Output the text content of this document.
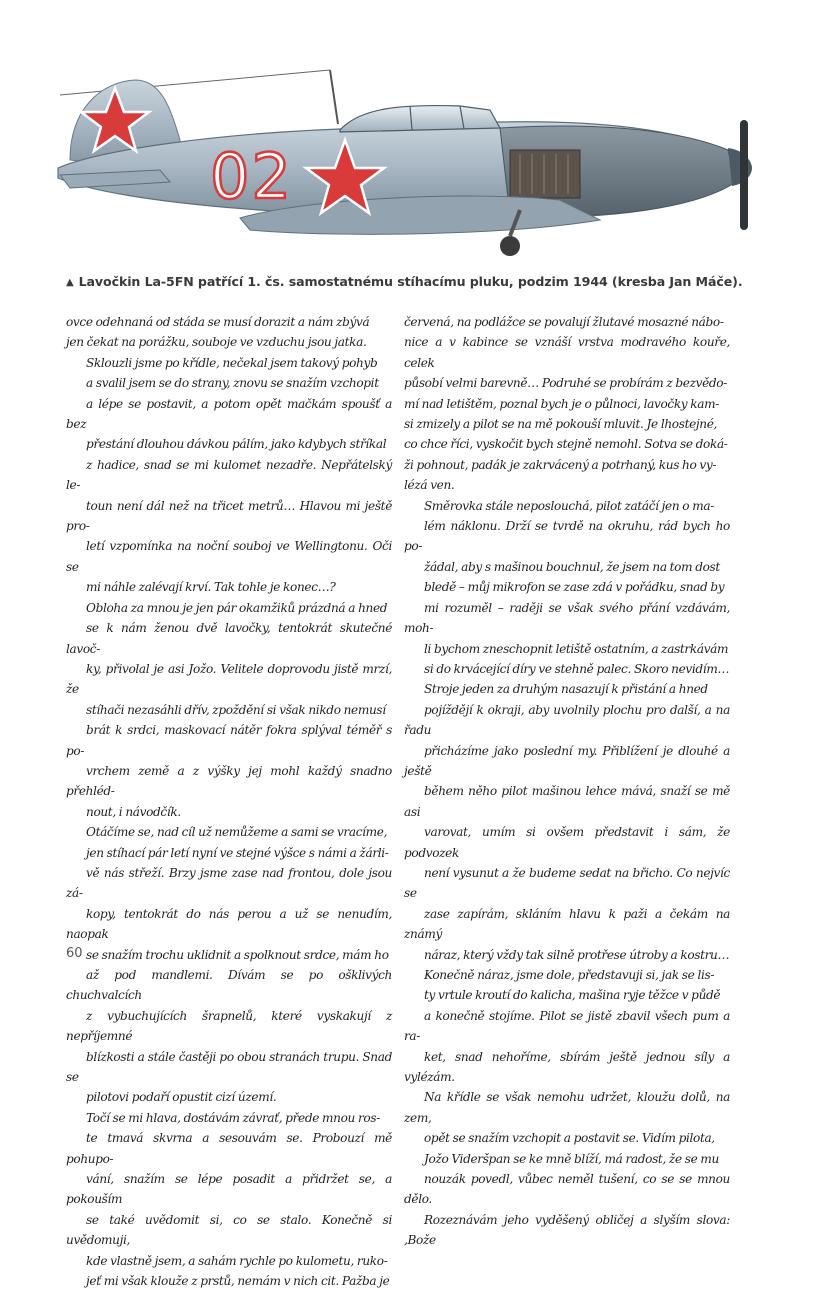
02
▲ Lavočkin La-5FN patřící 1. čs. samostatnému stíhacímu pluku, podzim 1944 (kresba Jan Máče).

ovce odehnaná od stáda se musí dorazit a nám zbývá
jen čekat na porážku, souboje ve vzduchu jsou jatka.

Sklouzli jsme po křídle, nečekal jsem takový pohyb
a svalil jsem se do strany, znovu se snažím vzchopit
a lépe se postavit, a potom opět mačkám spoušť a bez
přestání dlouhou dávkou pálím, jako kdybych stříkal
z hadice, snad se mi kulomet nezadře. Nepřátelský le-
toun není dál než na třicet metrů… Hlavou mi ještě pro-
letí vzpomínka na noční souboj ve Wellingtonu. Oči se
mi náhle zalévají krví. Tak tohle je konec…?

Obloha za mnou je jen pár okamžiků prázdná a hned
se k nám ženou dvě lavočky, tentokrát skutečné lavoč-
ky, přivolal je asi Jožo. Velitele doprovodu jistě mrzí, že
stíhači nezasáhli dřív, zpoždění si však nikdo nemusí
brát k srdci, maskovací nátěr fokra splýval téměř s po-
vrchem země a z výšky jej mohl každý snadno přehléd-
nout, i návodčík.

Otáčíme se, nad cíl už nemůžeme a sami se vracíme,
jen stíhací pár letí nyní ve stejné výšce s námi a žárli-
vě nás střeží. Brzy jsme zase nad frontou, dole jsou zá-
kopy, tentokrát do nás perou a už se nenudím, naopak
se snažím trochu uklidnit a spolknout srdce, mám ho
až pod mandlemi. Dívám se po ošklivých chuchvalcích
z vybuchujících šrapnelů, které vyskakují z nepříjemné
blízkosti a stále častěji po obou stranách trupu. Snad se
pilotovi podaří opustit cizí území.

Točí se mi hlava, dostávám závrať, přede mnou ros-
te tmavá skvrna a sesouvám se. Probouzí mě pohupo-
vání, snažím se lépe posadit a přidržet se, a pokouším
se také uvědomit si, co se stalo. Konečně si uvědomuji,
kde vlastně jsem, a sahám rychle po kulometu, ruko-
jeť mi však klouže z prstů, nemám v nich cit. Pažba je

červená, na podlážce se povalují žlutavé mosazné nábo-
nice a v kabince se vznáší vrstva modravého kouře, celek
působí velmi barevně… Podruhé se probírám z bezvědo-
mí nad letištěm, poznal bych je o půlnoci, lavočky kam-
si zmizely a pilot se na mě pokouší mluvit. Je lhostejné,
co chce říci, vyskočit bych stejně nemohl. Sotva se doká-
ži pohnout, padák je zakrvácený a potrhaný, kus ho vy-
lézá ven.

Směrovka stále neposlouchá, pilot zatáčí jen o ma-
lém náklonu. Drží se tvrdě na okruhu, rád bych ho po-
žádal, aby s mašinou bouchnul, že jsem na tom dost
bledě – můj mikrofon se zase zdá v pořádku, snad by
mi rozuměl – raději se však svého přání vzdávám, moh-
li bychom zneschopnit letiště ostatním, a zastrkávám
si do krvácející díry ve stehně palec. Skoro nevidím…

Stroje jeden za druhým nasazují k přistání a hned
pojíždějí k okraji, aby uvolnily plochu pro další, a na řadu
přicházíme jako poslední my. Přiblížení je dlouhé a ještě
během něho pilot mašinou lehce mává, snaží se mě asi
varovat, umím si ovšem představit i sám, že podvozek
není vysunut a že budeme sedat na břicho. Co nejvíc se
zase zapírám, skláním hlavu k paži a čekám na známý
náraz, který vždy tak silně protřese útroby a kostru…

Konečně náraz, jsme dole, představuji si, jak se lis-
ty vrtule kroutí do kalicha, mašina ryje těžce v půdě
a konečně stojíme. Pilot se jistě zbavil všech pum a ra-
ket, snad nehoříme, sbírám ještě jednou síly a vylézám.
Na křídle se však nemohu udržet, kloužu dolů, na zem,
opět se snažím vzchopit a postavit se. Vidím pilota,
Jožo Videršpan se ke mně blíží, má radost, že se mu
nouzák povedl, vůbec neměl tušení, co se se mnou dělo.
Rozeznávám jeho vyděšený obličej a slyším slova: ‚Bože

60
